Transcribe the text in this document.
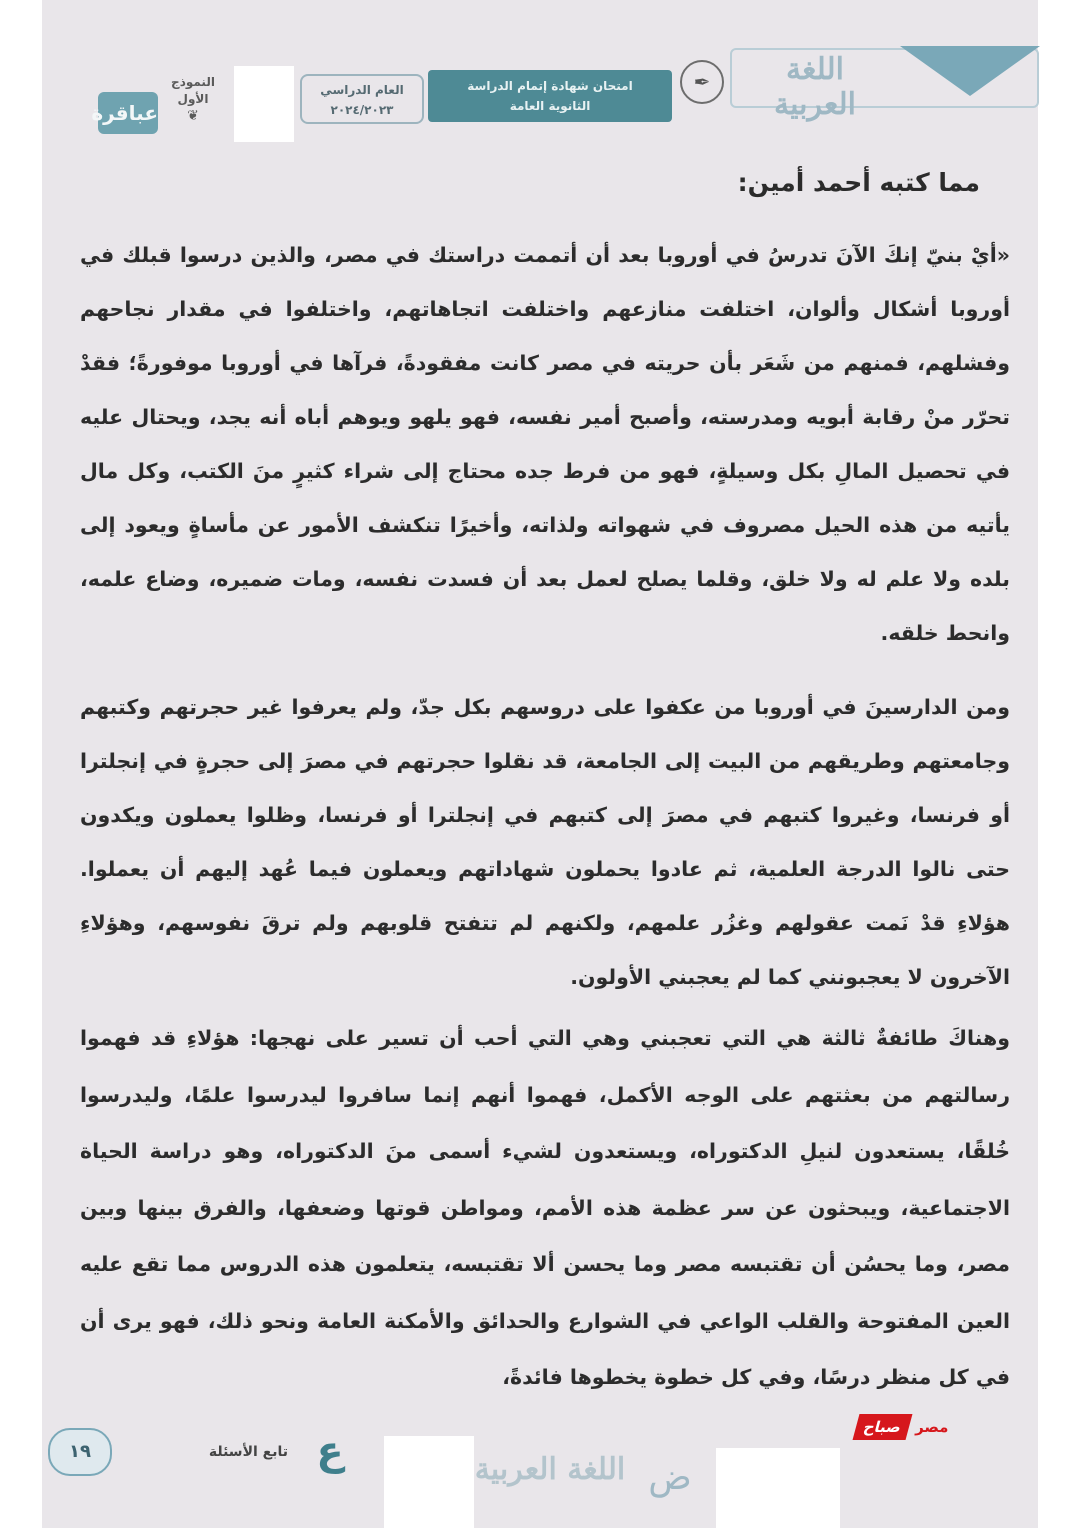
اللغة العربية
✒
امتحان شهادة إتمام الدراسة
الثانوية العامة
العام الدراسي
٢٠٢٤/٢٠٢٣
النموذج
الأول
❦
عباقرة
مما كتبه أحمد أمين:
«أيْ بنيّ إنكَ الآنَ تدرسُ في أوروبا بعد أن أتممت دراستك في مصر، والذين درسوا قبلك في أوروبا أشكال وألوان، اختلفت منازعهم واختلفت اتجاهاتهم، واختلفوا في مقدار نجاحهم وفشلهم، فمنهم من شَعَر بأن حريته في مصر كانت مفقودةً، فرآها في أوروبا موفورةً؛ فقدْ تحرّر منْ رقابة أبويه ومدرسته، وأصبح أمير نفسه، فهو يلهو ويوهم أباه أنه يجد، ويحتال عليه في تحصيل المالِ بكل وسيلةٍ، فهو من فرط جده محتاج إلى شراء كثيرٍ منَ الكتب، وكل مال يأتيه من هذه الحيل مصروف في شهواته ولذاته، وأخيرًا تنكشف الأمور عن مأساةٍ ويعود إلى بلده ولا علم له ولا خلق، وقلما يصلح لعمل بعد أن فسدت نفسه، ومات ضميره، وضاع علمه، وانحط خلقه.
ومن الدارسينَ في أوروبا من عكفوا على دروسهم بكل جدّ، ولم يعرفوا غير حجرتهم وكتبهم وجامعتهم وطريقهم من البيت إلى الجامعة، قد نقلوا حجرتهم في مصرَ إلى حجرةٍ في إنجلترا أو فرنسا، وغيروا كتبهم في مصرَ إلى كتبهم في إنجلترا أو فرنسا، وظلوا يعملون ويكدون حتى نالوا الدرجة العلمية، ثم عادوا يحملون شهاداتهم ويعملون فيما عُهد إليهم أن يعملوا. هؤلاءِ قدْ نَمت عقولهم وغزُر علمهم، ولكنهم لم تتفتح قلوبهم ولم ترقَ نفوسهم، وهؤلاءِ الآخرون لا يعجبونني كما لم يعجبني الأولون.
وهناكَ طائفةٌ ثالثة هي التي تعجبني وهي التي أحب أن تسير على نهجها: هؤلاءِ قد فهموا رسالتهم من بعثتهم على الوجه الأكمل، فهموا أنهم إنما سافروا ليدرسوا علمًا، وليدرسوا خُلقًا، يستعدون لنيلِ الدكتوراه، ويستعدون لشيء أسمى منَ الدكتوراه، وهو دراسة الحياة الاجتماعية، ويبحثون عن سر عظمة هذه الأمم، ومواطن قوتها وضعفها، والفرق بينها وبين مصر، وما يحسُن أن تقتبسه مصر وما يحسن ألا تقتبسه، يتعلمون هذه الدروس مما تقع عليه العين المفتوحة والقلب الواعي في الشوارع والحدائق والأمكنة العامة ونحو ذلك، فهو يرى أن في كل منظر درسًا، وفي كل خطوة يخطوها فائدةً،
١٩	تابع الأسئلة ع	اللغة العربية ض
صباح مصر
